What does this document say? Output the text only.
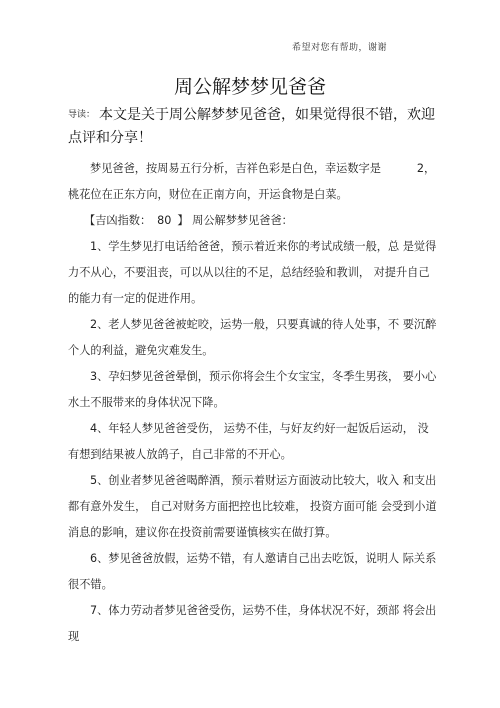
希望对您有帮助，谢谢
周公解梦梦见爸爸
导读： 本文是关于周公解梦梦见爸爸，如果觉得很不错，欢迎 点评和分享！
梦见爸爸，按周易五行分析，吉祥色彩是白色，幸运数字是	2，
桃花位在正东方向，财位在正南方向，开运食物是白菜。
【吉凶指数： 80 】 周公解梦梦见爸爸：

1、学生梦见打电话给爸爸，预示着近来你的考试成绩一般，总 是觉得力不从心，不要沮丧，可以从以往的不足，总结经验和教训， 对提升自己的能力有一定的促进作用。

2、老人梦见爸爸被蛇咬，运势一般，只要真诚的待人处事，不 要沉醉个人的利益，避免灾难发生。

3、孕妇梦见爸爸晕倒，预示你将会生个女宝宝，冬季生男孩， 要小心水土不服带来的身体状况下降。

4、年轻人梦见爸爸受伤， 运势不佳，与好友约好一起饭后运动， 没有想到结果被人放鸽子，自己非常的不开心。

5、创业者梦见爸爸喝醉酒，预示着财运方面波动比较大，收入 和支出都有意外发生， 自己对财务方面把控也比较难， 投资方面可能 会受到小道消息的影响，建议你在投资前需要谨慎核实在做打算。

6、梦见爸爸放假，运势不错，有人邀请自己出去吃饭，说明人 际关系很不错。

7、体力劳动者梦见爸爸受伤，运势不佳，身体状况不好，颈部 将会出现
